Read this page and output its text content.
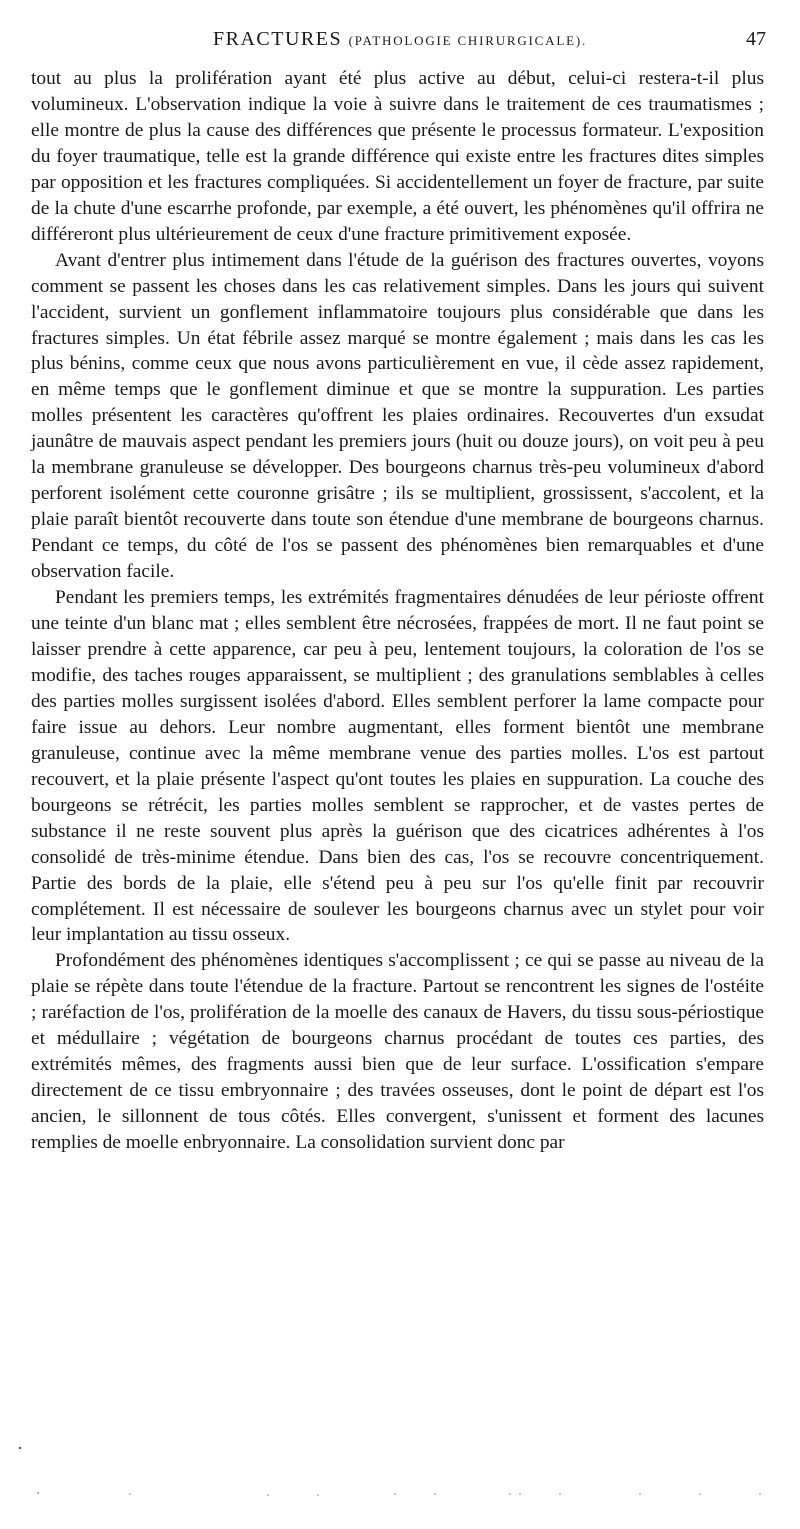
FRACTURES (PATHOLOGIE CHIRURGICALE).	47

tout au plus la prolifération ayant été plus active au début, celui-ci restera-t-il plus volumineux. L'observation indique la voie à suivre dans le traitement de ces traumatismes ; elle montre de plus la cause des différences que présente le processus formateur. L'exposition du foyer traumatique, telle est la grande différence qui existe entre les fractures dites simples par opposition et les fractures compliquées. Si accidentellement un foyer de fracture, par suite de la chute d'une escarrhe profonde, par exemple, a été ouvert, les phénomènes qu'il offrira ne différeront plus ultérieurement de ceux d'une fracture primitivement exposée.

Avant d'entrer plus intimement dans l'étude de la guérison des fractures ouvertes, voyons comment se passent les choses dans les cas relativement simples. Dans les jours qui suivent l'accident, survient un gonflement inflammatoire toujours plus considérable que dans les fractures simples. Un état fébrile assez marqué se montre également ; mais dans les cas les plus bénins, comme ceux que nous avons particulièrement en vue, il cède assez rapidement, en même temps que le gonflement diminue et que se montre la suppuration. Les parties molles présentent les caractères qu'offrent les plaies ordinaires. Recouvertes d'un exsudat jaunâtre de mauvais aspect pendant les premiers jours (huit ou douze jours), on voit peu à peu la membrane granuleuse se développer. Des bourgeons charnus très-peu volumineux d'abord perforent isolément cette couronne grisâtre ; ils se multiplient, grossissent, s'accolent, et la plaie paraît bientôt recouverte dans toute son étendue d'une membrane de bourgeons charnus. Pendant ce temps, du côté de l'os se passent des phénomènes bien remarquables et d'une observation facile.

Pendant les premiers temps, les extrémités fragmentaires dénudées de leur périoste offrent une teinte d'un blanc mat ; elles semblent être nécrosées, frappées de mort. Il ne faut point se laisser prendre à cette apparence, car peu à peu, lentement toujours, la coloration de l'os se modifie, des taches rouges apparaissent, se multiplient ; des granulations semblables à celles des parties molles surgissent isolées d'abord. Elles semblent perforer la lame compacte pour faire issue au dehors. Leur nombre augmentant, elles forment bientôt une membrane granuleuse, continue avec la même membrane venue des parties molles. L'os est partout recouvert, et la plaie présente l'aspect qu'ont toutes les plaies en suppuration. La couche des bourgeons se rétrécit, les parties molles semblent se rapprocher, et de vastes pertes de substance il ne reste souvent plus après la guérison que des cicatrices adhérentes à l'os consolidé de très-minime étendue. Dans bien des cas, l'os se recouvre concentriquement. Partie des bords de la plaie, elle s'étend peu à peu sur l'os qu'elle finit par recouvrir complétement. Il est nécessaire de soulever les bourgeons charnus avec un stylet pour voir leur implantation au tissu osseux.

Profondément des phénomènes identiques s'accomplissent ; ce qui se passe au niveau de la plaie se répète dans toute l'étendue de la fracture. Partout se rencontrent les signes de l'ostéite ; raréfaction de l'os, prolifération de la moelle des canaux de Havers, du tissu sous-périostique et médullaire ; végétation de bourgeons charnus procédant de toutes ces parties, des extrémités mêmes, des fragments aussi bien que de leur surface. L'ossification s'empare directement de ce tissu embryonnaire ; des travées osseuses, dont le point de départ est l'os ancien, le sillonnent de tous côtés. Elles convergent, s'unissent et forment des lacunes remplies de moelle enbryonnaire. La consolidation survient donc par
